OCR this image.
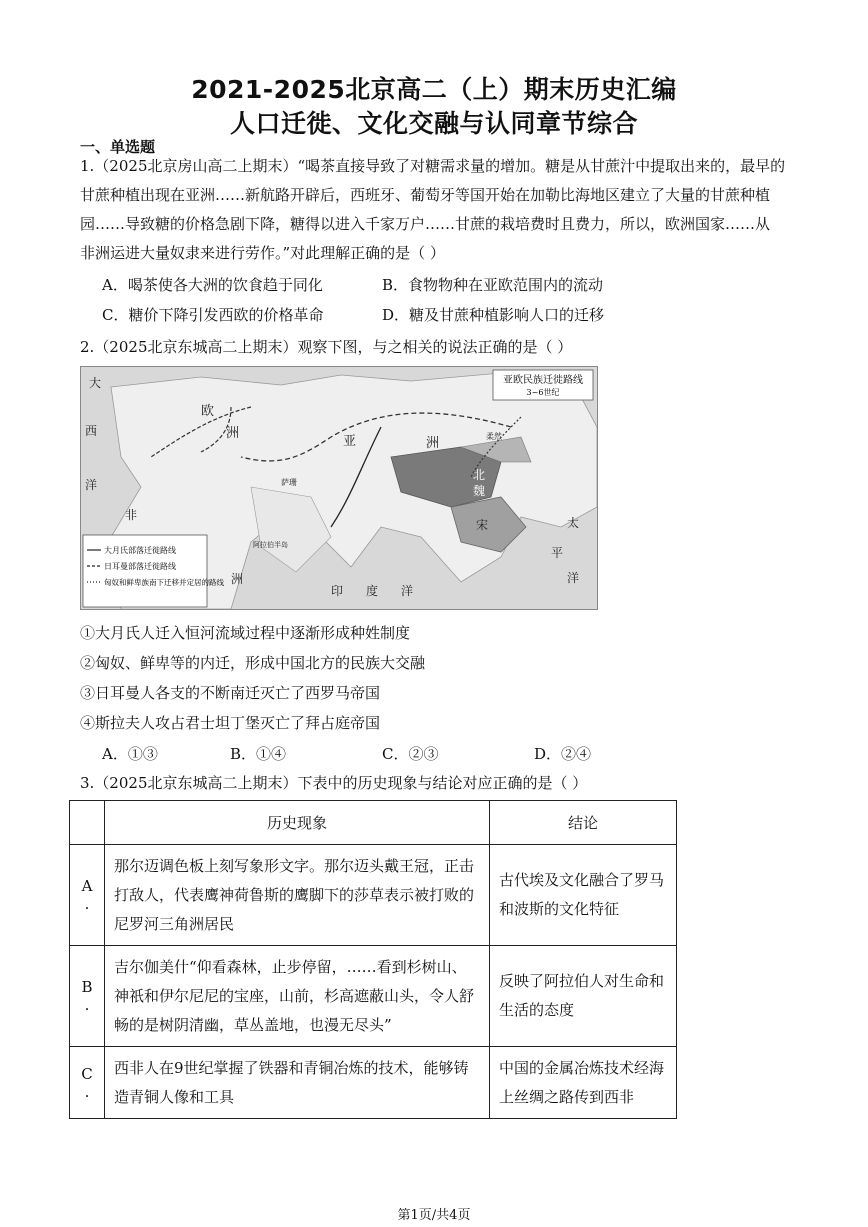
2021-2025北京高二（上）期末历史汇编
人口迁徙、文化交融与认同章节综合
一、单选题
1.（2025北京房山高二上期末）“喝茶直接导致了对糖需求量的增加。糖是从甘蔗汁中提取出来的，最早的
甘蔗种植出现在亚洲……新航路开辟后，西班牙、葡萄牙等国开始在加勒比海地区建立了大量的甘蔗种植
园……导致糖的价格急剧下降，糖得以进入千家万户……甘蔗的栽培费时且费力，所以，欧洲国家……从
非洲运进大量奴隶来进行劳作。”对此理解正确的是（ ）
A．喝茶使各大洲的饮食趋于同化	B．食物物种在亚欧范围内的流动
C．糖价下降引发西欧的价格革命	D．糖及甘蔗种植影响人口的迁移
2.（2025北京东城高二上期末）观察下图，与之相关的说法正确的是（ ）
亚欧民族迁徙路线
3~6世纪
大月氏部落迁徙路线
日耳曼部落迁徙路线
匈奴和鲜卑族南下迁移并定居的路线
大
西
洋
欧
洲
亚	洲
北
魏
宋
非
洲
印 度 洋
太
平
洋
阿拉伯半岛
萨珊
柔然
①大月氏人迁入恒河流域过程中逐渐形成种姓制度
②匈奴、鲜卑等的内迁，形成中国北方的民族大交融
③日耳曼人各支的不断南迁灭亡了西罗马帝国
④斯拉夫人攻占君士坦丁堡灭亡了拜占庭帝国
A．①③	B．①④	C．②③	D．②④
3.（2025北京东城高二上期末）下表中的历史现象与结论对应正确的是（ ）
	历史现象	结论

A
.	那尔迈调色板上刻写象形文字。那尔迈头戴王冠，正击打敌人，代表鹰神荷鲁斯的鹰脚下的莎草表示被打败的尼罗河三角洲居民	古代埃及文化融合了罗马和波斯的文化特征

B
.	吉尔伽美什“仰看森林，止步停留，……看到杉树山、神祇和伊尔尼尼的宝座，山前，杉高遮蔽山头，令人舒畅的是树阴清幽，草丛盖地，也漫无尽头”	反映了阿拉伯人对生命和生活的态度

C
.	西非人在9世纪掌握了铁器和青铜冶炼的技术，能够铸造青铜人像和工具	中国的金属冶炼技术经海上丝绸之路传到西非
第1页/共4页
